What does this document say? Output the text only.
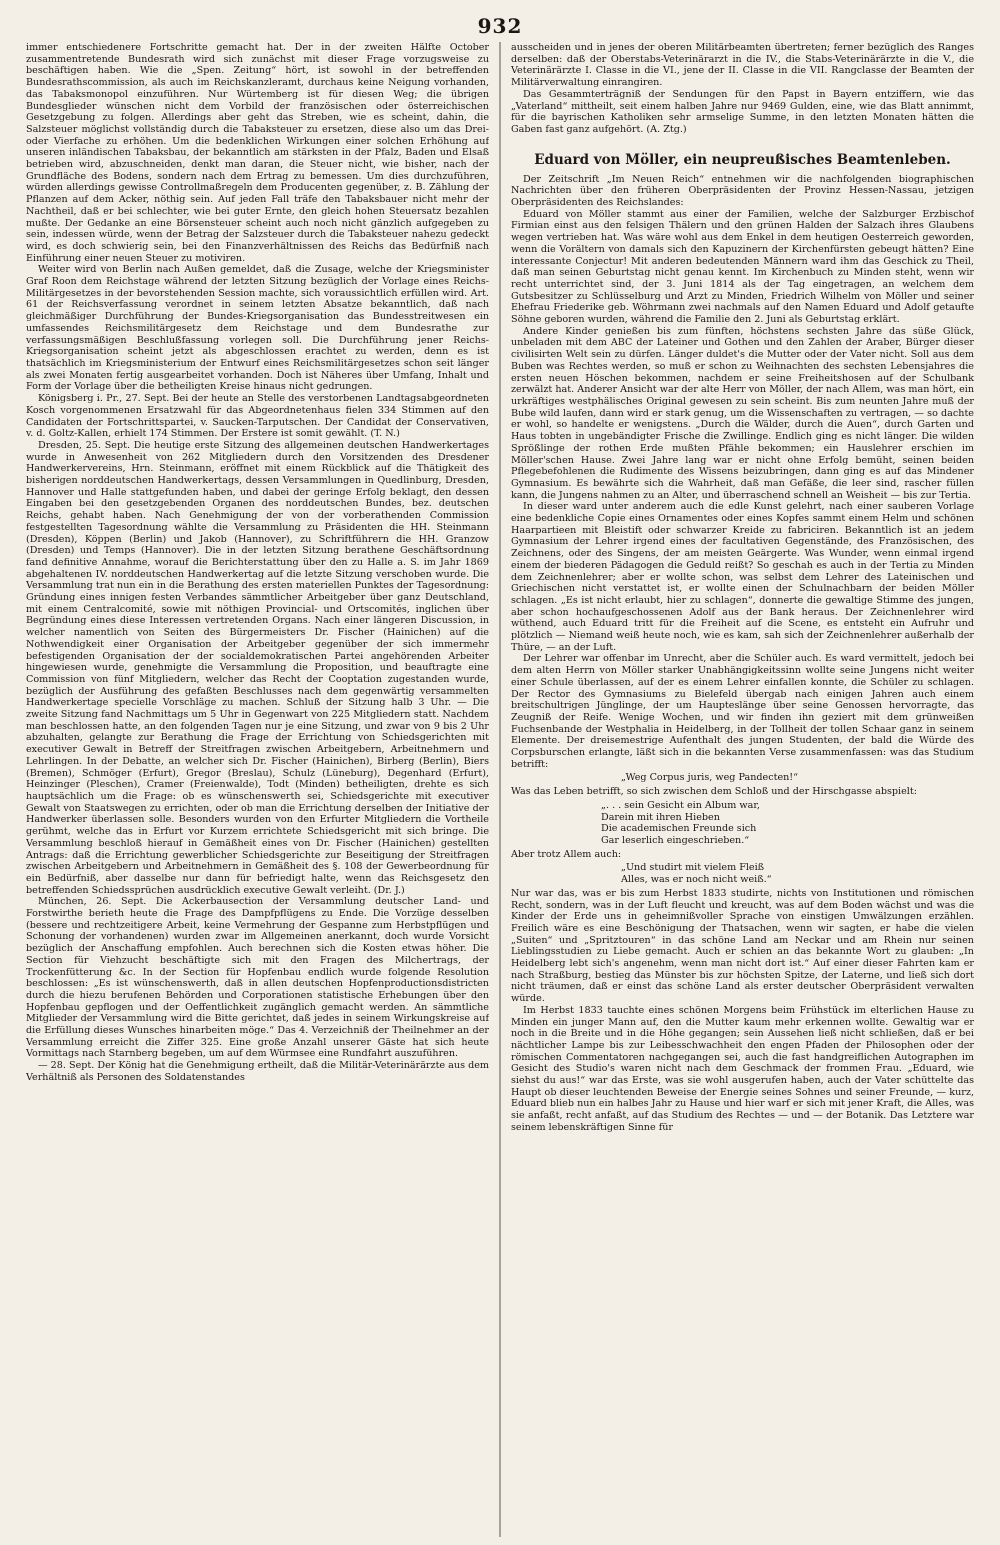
932

immer entschiedenere Fortschritte gemacht hat. Der in der zweiten Hälfte October zusammentretende Bundesrath wird sich zunächst mit dieser Frage vorzugsweise zu beschäftigen haben. Wie die „Spen. Zeitung“ hört, ist sowohl in der betreffenden Bundesrathscommission, als auch im Reichskanzleramt, durchaus keine Neigung vorhanden, das Tabaksmonopol einzuführen. Nur Würtemberg ist für diesen Weg; die übrigen Bundesglieder wünschen nicht dem Vorbild der französischen oder österreichischen Gesetzgebung zu folgen. Allerdings aber geht das Streben, wie es scheint, dahin, die Salzsteuer möglichst vollständig durch die Tabaksteuer zu ersetzen, diese also um das Drei- oder Vierfache zu erhöhen. Um die bedenklichen Wirkungen einer solchen Erhöhung auf unseren inländischen Tabaksbau, der bekanntlich am stärksten in der Pfalz, Baden und Elsaß betrieben wird, abzuschneiden, denkt man daran, die Steuer nicht, wie bisher, nach der Grundfläche des Bodens, sondern nach dem Ertrag zu bemessen. Um dies durchzuführen, würden allerdings gewisse Controllmaßregeln dem Producenten gegenüber, z. B. Zählung der Pflanzen auf dem Acker, nöthig sein. Auf jeden Fall träfe den Tabaksbauer nicht mehr der Nachtheil, daß er bei schlechter, wie bei guter Ernte, den gleich hohen Steuersatz bezahlen mußte. Der Gedanke an eine Börsensteuer scheint auch noch nicht gänzlich aufgegeben zu sein, indessen würde, wenn der Betrag der Salzsteuer durch die Tabaksteuer nahezu gedeckt wird, es doch schwierig sein, bei den Finanzverhältnissen des Reichs das Bedürfniß nach Einführung einer neuen Steuer zu motiviren.

Weiter wird von Berlin nach Außen gemeldet, daß die Zusage, welche der Kriegsminister Graf Roon dem Reichstage während der letzten Sitzung bezüglich der Vorlage eines Reichs-Militärgesetzes in der bevorstehenden Session machte, sich voraussichtlich erfüllen wird. Art. 61 der Reichsverfassung verordnet in seinem letzten Absatze bekanntlich, daß nach gleichmäßiger Durchführung der Bundes-Kriegsorganisation das Bundesstreitwesen ein umfassendes Reichsmilitärgesetz dem Reichstage und dem Bundesrathe zur verfassungsmäßigen Beschlußfassung vorlegen soll. Die Durchführung jener Reichs-Kriegsorganisation scheint jetzt als abgeschlossen erachtet zu werden, denn es ist thatsächlich im Kriegsministerium der Entwurf eines Reichsmilitärgesetzes schon seit länger als zwei Monaten fertig ausgearbeitet vorhanden. Doch ist Näheres über Umfang, Inhalt und Form der Vorlage über die betheiligten Kreise hinaus nicht gedrungen.

Königsberg i. Pr., 27. Sept. Bei der heute an Stelle des verstorbenen Landtagsabgeordneten Kosch vorgenommenen Ersatzwahl für das Abgeordnetenhaus fielen 334 Stimmen auf den Candidaten der Fortschrittspartei, v. Saucken-Tarputschen. Der Candidat der Conservativen, v. d. Goltz-Kallen, erhielt 174 Stimmen. Der Erstere ist somit gewählt. (T. N.)

Dresden, 25. Sept. Die heutige erste Sitzung des allgemeinen deutschen Handwerkertages wurde in Anwesenheit von 262 Mitgliedern durch den Vorsitzenden des Dresdener Handwerkervereins, Hrn. Steinmann, eröffnet mit einem Rückblick auf die Thätigkeit des bisherigen norddeutschen Handwerkertags, dessen Versammlungen in Quedlinburg, Dresden, Hannover und Halle stattgefunden haben, und dabei der geringe Erfolg beklagt, den dessen Eingaben bei den gesetzgebenden Organen des norddeutschen Bundes, bez. deutschen Reichs, gehabt haben. Nach Genehmigung der von der vorberathenden Commission festgestellten Tagesordnung wählte die Versammlung zu Präsidenten die HH. Steinmann (Dresden), Köppen (Berlin) und Jakob (Hannover), zu Schriftführern die HH. Granzow (Dresden) und Temps (Hannover). Die in der letzten Sitzung berathene Geschäftsordnung fand definitive Annahme, worauf die Berichterstattung über den zu Halle a. S. im Jahr 1869 abgehaltenen IV. norddeutschen Handwerkertag auf die letzte Sitzung verschoben wurde. Die Versammlung trat nun ein in die Berathung des ersten materiellen Punktes der Tagesordnung: Gründung eines innigen festen Verbandes sämmtlicher Arbeitgeber über ganz Deutschland, mit einem Centralcomité, sowie mit nöthigen Provincial- und Ortscomités, inglichen über Begründung eines diese Interessen vertretenden Organs. Nach einer längeren Discussion, in welcher namentlich von Seiten des Bürgermeisters Dr. Fischer (Hainichen) auf die Nothwendigkeit einer Organisation der Arbeitgeber gegenüber der sich immermehr befestigenden Organisation der der socialdemokratischen Partei angehörenden Arbeiter hingewiesen wurde, genehmigte die Versammlung die Proposition, und beauftragte eine Commission von fünf Mitgliedern, welcher das Recht der Cooptation zugestanden wurde, bezüglich der Ausführung des gefaßten Beschlusses nach dem gegenwärtig versammelten Handwerkertage specielle Vorschläge zu machen. Schluß der Sitzung halb 3 Uhr. — Die zweite Sitzung fand Nachmittags um 5 Uhr in Gegenwart von 225 Mitgliedern statt. Nachdem man beschlossen hatte, an den folgenden Tagen nur je eine Sitzung, und zwar von 9 bis 2 Uhr abzuhalten, gelangte zur Berathung die Frage der Errichtung von Schiedsgerichten mit executiver Gewalt in Betreff der Streitfragen zwischen Arbeitgebern, Arbeitnehmern und Lehrlingen. In der Debatte, an welcher sich Dr. Fischer (Hainichen), Birberg (Berlin), Biers (Bremen), Schmöger (Erfurt), Gregor (Breslau), Schulz (Lüneburg), Degenhard (Erfurt), Heinzinger (Pleschen), Cramer (Freienwalde), Todt (Minden) betheiligten, drehte es sich hauptsächlich um die Frage: ob es wünschenswerth sei, Schiedsgerichte mit executiver Gewalt von Staatswegen zu errichten, oder ob man die Errichtung derselben der Initiative der Handwerker überlassen solle. Besonders wurden von den Erfurter Mitgliedern die Vortheile gerühmt, welche das in Erfurt vor Kurzem errichtete Schiedsgericht mit sich bringe. Die Versammlung beschloß hierauf in Gemäßheit eines von Dr. Fischer (Hainichen) gestellten Antrags: daß die Errichtung gewerblicher Schiedsgerichte zur Beseitigung der Streitfragen zwischen Arbeitgebern und Arbeitnehmern in Gemäßheit des §. 108 der Gewerbeordnung für ein Bedürfniß, aber dasselbe nur dann für befriedigt halte, wenn das Reichsgesetz den betreffenden Schiedssprüchen ausdrücklich executive Gewalt verleiht. (Dr. J.)

München, 26. Sept. Die Ackerbausection der Versammlung deutscher Land- und Forstwirthe berieth heute die Frage des Dampfpflügens zu Ende. Die Vorzüge desselben (bessere und rechtzeitigere Arbeit, keine Vermehrung der Gespanne zum Herbstpflügen und Schonung der vorhandenen) wurden zwar im Allgemeinen anerkannt, doch wurde Vorsicht bezüglich der Anschaffung empfohlen. Auch berechnen sich die Kosten etwas höher. Die Section für Viehzucht beschäftigte sich mit den Fragen des Milchertrags, der Trockenfütterung &c. In der Section für Hopfenbau endlich wurde folgende Resolution beschlossen: „Es ist wünschenswerth, daß in allen deutschen Hopfenproductionsdistricten durch die hiezu berufenen Behörden und Corporationen statistische Erhebungen über den Hopfenbau gepflogen und der Oeffentlichkeit zugänglich gemacht werden. An sämmtliche Mitglieder der Versammlung wird die Bitte gerichtet, daß jedes in seinem Wirkungskreise auf die Erfüllung dieses Wunsches hinarbeiten möge.“ Das 4. Verzeichniß der Theilnehmer an der Versammlung erreicht die Ziffer 325. Eine große Anzahl unserer Gäste hat sich heute Vormittags nach Starnberg begeben, um auf dem Würmsee eine Rundfahrt auszuführen.

— 28. Sept. Der König hat die Genehmigung ertheilt, daß die Militär-Veterinärärzte aus dem Verhältniß als Personen des Soldatenstandes

ausscheiden und in jenes der oberen Militärbeamten übertreten; ferner bezüglich des Ranges derselben: daß der Oberstabs-Veterinärarzt in die IV., die Stabs-Veterinärärzte in die V., die Veterinärärzte I. Classe in die VI., jene der II. Classe in die VII. Rangclasse der Beamten der Militärverwaltung einrangiren.

Das Gesammterträgniß der Sendungen für den Papst in Bayern entziffern, wie das „Vaterland“ mittheilt, seit einem halben Jahre nur 9469 Gulden, eine, wie das Blatt annimmt, für die bayrischen Katholiken sehr armselige Summe, in den letzten Monaten hätten die Gaben fast ganz aufgehört. (A. Ztg.)

Eduard von Möller, ein neupreußisches Beamtenleben.

Der Zeitschrift „Im Neuen Reich“ entnehmen wir die nachfolgenden biographischen Nachrichten über den früheren Oberpräsidenten der Provinz Hessen-Nassau, jetzigen Oberpräsidenten des Reichslandes:

Eduard von Möller stammt aus einer der Familien, welche der Salzburger Erzbischof Firmian einst aus den felsigen Thälern und den grünen Halden der Salzach ihres Glaubens wegen vertrieben hat. Was wäre wohl aus dem Enkel in dem heutigen Oesterreich geworden, wenn die Vorältern von damals sich den Kapuzinern der Kirchenfürsten gebeugt hätten? Eine interessante Conjectur! Mit anderen bedeutenden Männern ward ihm das Geschick zu Theil, daß man seinen Geburtstag nicht genau kennt. Im Kirchenbuch zu Minden steht, wenn wir recht unterrichtet sind, der 3. Juni 1814 als der Tag eingetragen, an welchem dem Gutsbesitzer zu Schlüsselburg und Arzt zu Minden, Friedrich Wilhelm von Möller und seiner Ehefrau Friederike geb. Wöhrmann zwei nachmals auf den Namen Eduard und Adolf getaufte Söhne geboren wurden, während die Familie den 2. Juni als Geburtstag erklärt.

Andere Kinder genießen bis zum fünften, höchstens sechsten Jahre das süße Glück, unbeladen mit dem ABC der Lateiner und Gothen und den Zahlen der Araber, Bürger dieser civilisirten Welt sein zu dürfen. Länger duldet's die Mutter oder der Vater nicht. Soll aus dem Buben was Rechtes werden, so muß er schon zu Weihnachten des sechsten Lebensjahres die ersten neuen Höschen bekommen, nachdem er seine Freiheitshosen auf der Schulbank zerwälzt hat. Anderer Ansicht war der alte Herr von Möller, der nach Allem, was man hört, ein urkräftiges westphälisches Original gewesen zu sein scheint. Bis zum neunten Jahre muß der Bube wild laufen, dann wird er stark genug, um die Wissenschaften zu vertragen, — so dachte er wohl, so handelte er wenigstens. „Durch die Wälder, durch die Auen“, durch Garten und Haus tobten in ungebändigter Frische die Zwillinge. Endlich ging es nicht länger. Die wilden Sprößlinge der rothen Erde mußten Pfähle bekommen; ein Hauslehrer erschien im Möller'schen Hause. Zwei Jahre lang war er nicht ohne Erfolg bemüht, seinen beiden Pflegebefohlenen die Rudimente des Wissens beizubringen, dann ging es auf das Mindener Gymnasium. Es bewährte sich die Wahrheit, daß man Gefäße, die leer sind, rascher füllen kann, die Jungens nahmen zu an Alter, und überraschend schnell an Weisheit — bis zur Tertia.

In dieser ward unter anderem auch die edle Kunst gelehrt, nach einer sauberen Vorlage eine bedenkliche Copie eines Ornamentes oder eines Kopfes sammt einem Helm und schönen Haarpartieen mit Bleistift oder schwarzer Kreide zu fabriciren. Bekanntlich ist an jedem Gymnasium der Lehrer irgend eines der facultativen Gegenstände, des Französischen, des Zeichnens, oder des Singens, der am meisten Geärgerte. Was Wunder, wenn einmal irgend einem der biederen Pädagogen die Geduld reißt? So geschah es auch in der Tertia zu Minden dem Zeichnenlehrer; aber er wollte schon, was selbst dem Lehrer des Lateinischen und Griechischen nicht verstattet ist, er wollte einen der Schulnachbarn der beiden Möller schlagen. „Es ist nicht erlaubt, hier zu schlagen“, donnerte die gewaltige Stimme des jungen, aber schon hochaufgeschossenen Adolf aus der Bank heraus. Der Zeichnenlehrer wird wüthend, auch Eduard tritt für die Freiheit auf die Scene, es entsteht ein Aufruhr und plötzlich — Niemand weiß heute noch, wie es kam, sah sich der Zeichnenlehrer außerhalb der Thüre, — an der Luft.

Der Lehrer war offenbar im Unrecht, aber die Schüler auch. Es ward vermittelt, jedoch bei dem alten Herrn von Möller starker Unabhängigkeitssinn wollte seine Jungens nicht weiter einer Schule überlassen, auf der es einem Lehrer einfallen konnte, die Schüler zu schlagen. Der Rector des Gymnasiums zu Bielefeld übergab nach einigen Jahren auch einem breitschultrigen Jünglinge, der um Haupteslänge über seine Genossen hervorragte, das Zeugniß der Reife. Wenige Wochen, und wir finden ihn geziert mit dem grünweißen Fuchsenbande der Westphalia in Heidelberg, in der Tollheit der tollen Schaar ganz in seinem Elemente. Der dreisemestrige Aufenthalt des jungen Studenten, der bald die Würde des Corpsburschen erlangte, läßt sich in die bekannten Verse zusammenfassen: was das Studium betrifft:

„Weg Corpus juris, weg Pandecten!“

Was das Leben betrifft, so sich zwischen dem Schloß und der Hirschgasse abspielt:

„. . . sein Gesicht ein Album war,

Darein mit ihren Hieben

Die academischen Freunde sich

Gar leserlich eingeschrieben.“

Aber trotz Allem auch:

„Und studirt mit vielem Fleiß

Alles, was er noch nicht weiß.“

Nur war das, was er bis zum Herbst 1833 studirte, nichts von Institutionen und römischen Recht, sondern, was in der Luft fleucht und kreucht, was auf dem Boden wächst und was die Kinder der Erde uns in geheimnißvoller Sprache von einstigen Umwälzungen erzählen. Freilich wäre es eine Beschönigung der Thatsachen, wenn wir sagten, er habe die vielen „Suiten“ und „Spritztouren“ in das schöne Land am Neckar und am Rhein nur seinen Lieblingsstudien zu Liebe gemacht. Auch er schien an das bekannte Wort zu glauben: „In Heidelberg lebt sich's angenehm, wenn man nicht dort ist.“ Auf einer dieser Fahrten kam er nach Straßburg, bestieg das Münster bis zur höchsten Spitze, der Laterne, und ließ sich dort nicht träumen, daß er einst das schöne Land als erster deutscher Oberpräsident verwalten würde.

Im Herbst 1833 tauchte eines schönen Morgens beim Frühstück im elterlichen Hause zu Minden ein junger Mann auf, den die Mutter kaum mehr erkennen wollte. Gewaltig war er noch in die Breite und in die Höhe gegangen; sein Aussehen ließ nicht schließen, daß er bei nächtlicher Lampe bis zur Leibesschwachheit den engen Pfaden der Philosophen oder der römischen Commentatoren nachgegangen sei, auch die fast handgreiflichen Autographen im Gesicht des Studio's waren nicht nach dem Geschmack der frommen Frau. „Eduard, wie siehst du aus!“ war das Erste, was sie wohl ausgerufen haben, auch der Vater schüttelte das Haupt ob dieser leuchtenden Beweise der Energie seines Sohnes und seiner Freunde, — kurz, Eduard blieb nun ein halbes Jahr zu Hause und hier warf er sich mit jener Kraft, die Alles, was sie anfaßt, recht anfaßt, auf das Studium des Rechtes — und — der Botanik. Das Letztere war seinem lebenskräftigen Sinne für
